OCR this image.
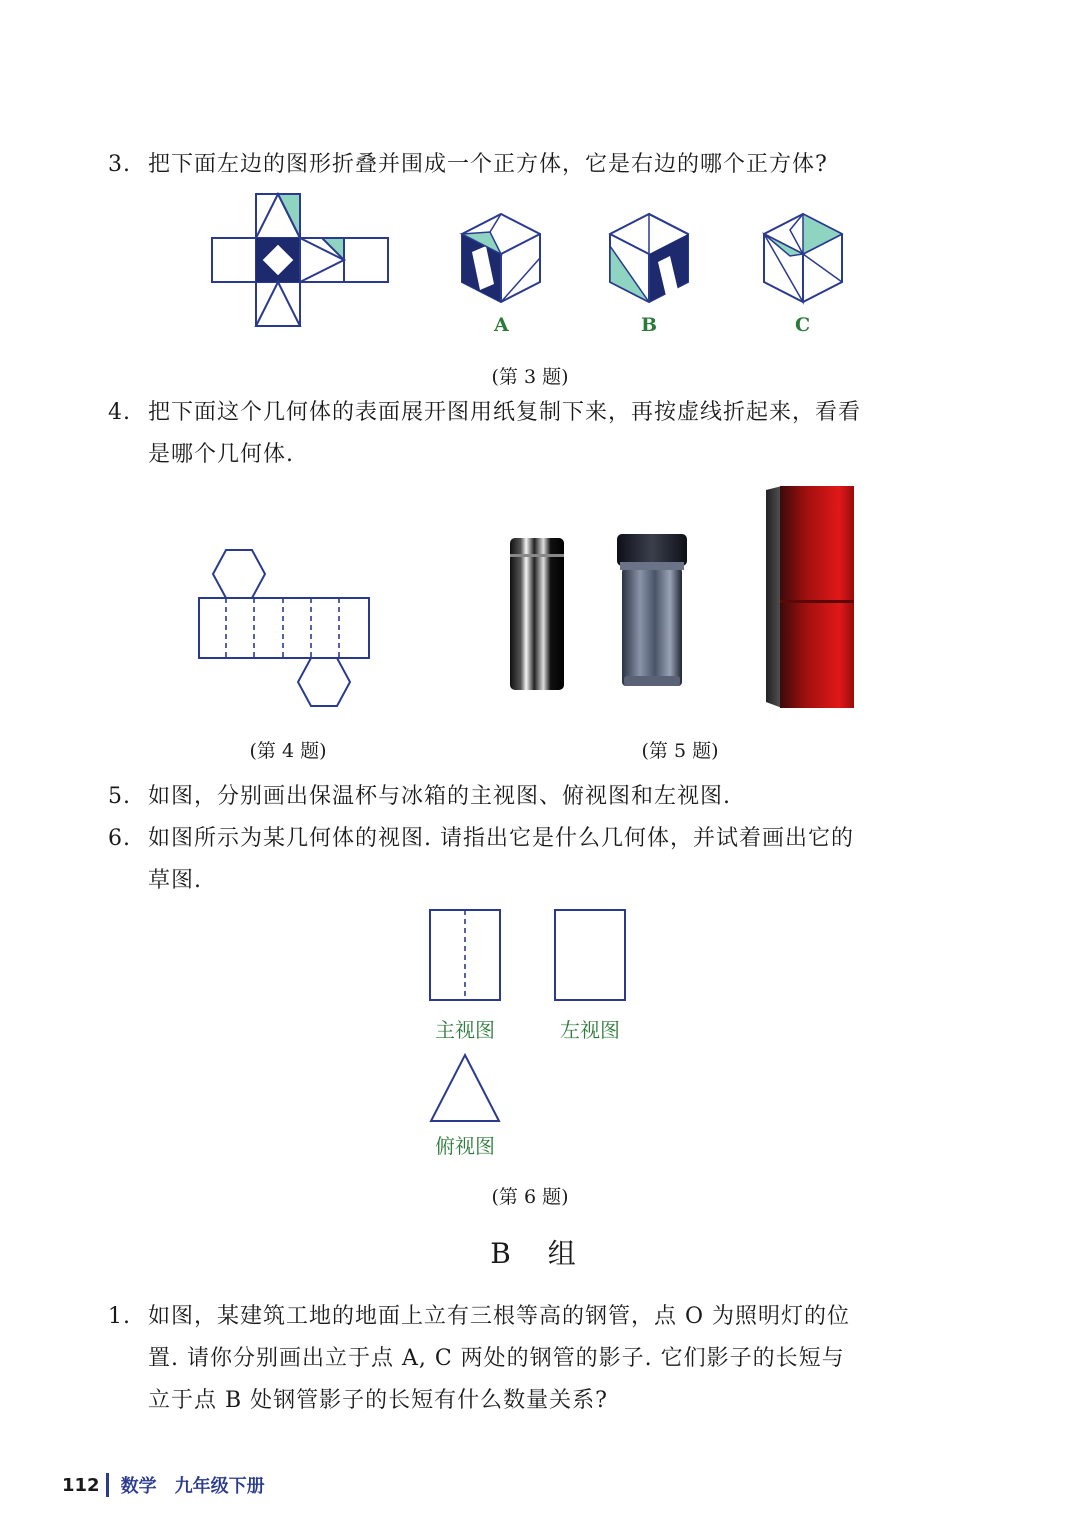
3. 把下面左边的图形折叠并围成一个正方体，它是右边的哪个正方体?
A	B	C
(第 3 题)
4. 把下面这个几何体的表面展开图用纸复制下来，再按虚线折起来，看看
是哪个几何体.
(第 4 题)	(第 5 题)
5. 如图，分别画出保温杯与冰箱的主视图、俯视图和左视图.
6. 如图所示为某几何体的视图. 请指出它是什么几何体，并试着画出它的
草图.
主视图	左视图
俯视图
(第 6 题)
B 组
1. 如图，某建筑工地的地面上立有三根等高的钢管，点 O 为照明灯的位
置. 请你分别画出立于点 A, C 两处的钢管的影子. 它们影子的长短与
立于点 B 处钢管影子的长短有什么数量关系?
112 数学 九年级下册
